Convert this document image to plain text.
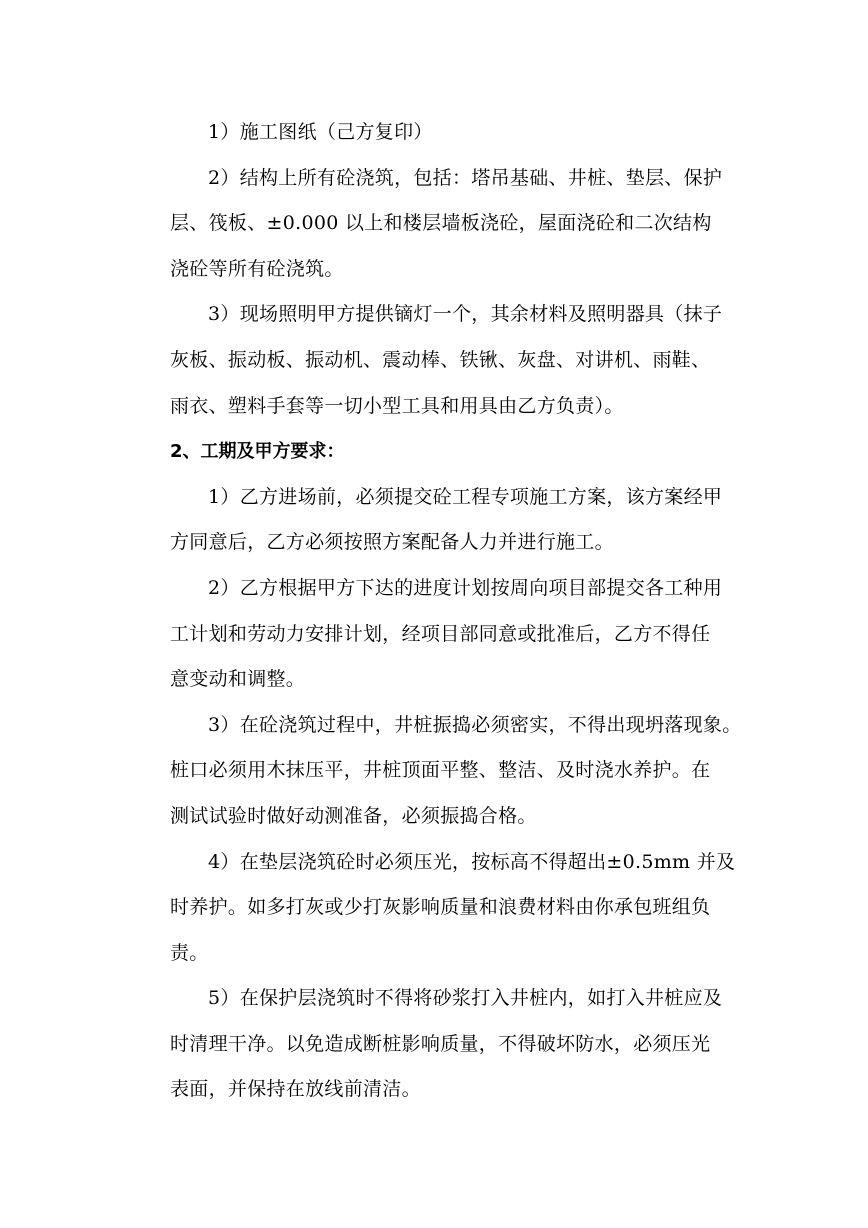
1）施工图纸（己方复印）

2）结构上所有砼浇筑，包括：塔吊基础、井桩、垫层、保护
层、筏板、±0.000 以上和楼层墙板浇砼，屋面浇砼和二次结构
浇砼等所有砼浇筑。

3）现场照明甲方提供镝灯一个，其余材料及照明器具（抹子
灰板、振动板、振动机、震动棒、铁锹、灰盘、对讲机、雨鞋、
雨衣、塑料手套等一切小型工具和用具由乙方负责）。

2、工期及甲方要求：

1）乙方进场前，必须提交砼工程专项施工方案，该方案经甲
方同意后，乙方必须按照方案配备人力并进行施工。

2）乙方根据甲方下达的进度计划按周向项目部提交各工种用
工计划和劳动力安排计划，经项目部同意或批准后，乙方不得任
意变动和调整。

3）在砼浇筑过程中，井桩振捣必须密实，不得出现坍落现象。
桩口必须用木抹压平，井桩顶面平整、整洁、及时浇水养护。在
测试试验时做好动测准备，必须振捣合格。

4）在垫层浇筑砼时必须压光，按标高不得超出±0.5mm 并及
时养护。如多打灰或少打灰影响质量和浪费材料由你承包班组负
责。

5）在保护层浇筑时不得将砂浆打入井桩内，如打入井桩应及
时清理干净。以免造成断桩影响质量，不得破坏防水，必须压光
表面，并保持在放线前清洁。
